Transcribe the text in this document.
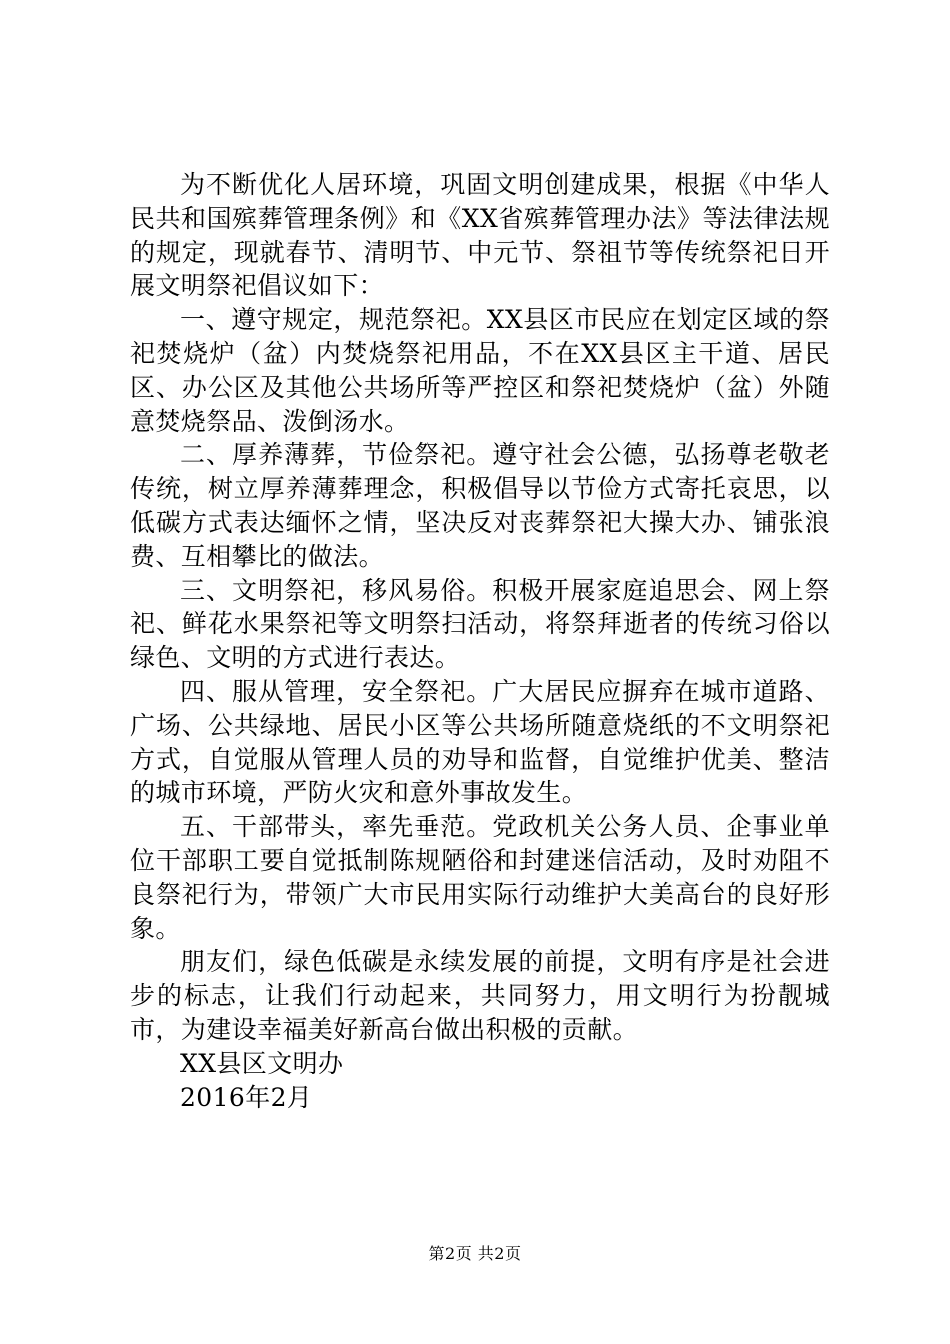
为不断优化人居环境，巩固文明创建成果，根据《中华人民共和国殡葬管理条例》和《XX省殡葬管理办法》等法律法规的规定，现就春节、清明节、中元节、祭祖节等传统祭祀日开展文明祭祀倡议如下：

一、遵守规定，规范祭祀。XX县区市民应在划定区域的祭祀焚烧炉（盆）内焚烧祭祀用品，不在XX县区主干道、居民区、办公区及其他公共场所等严控区和祭祀焚烧炉（盆）外随意焚烧祭品、泼倒汤水。

二、厚养薄葬，节俭祭祀。遵守社会公德，弘扬尊老敬老传统，树立厚养薄葬理念，积极倡导以节俭方式寄托哀思，以低碳方式表达缅怀之情，坚决反对丧葬祭祀大操大办、铺张浪费、互相攀比的做法。

三、文明祭祀，移风易俗。积极开展家庭追思会、网上祭祀、鲜花水果祭祀等文明祭扫活动，将祭拜逝者的传统习俗以绿色、文明的方式进行表达。

四、服从管理，安全祭祀。广大居民应摒弃在城市道路、广场、公共绿地、居民小区等公共场所随意烧纸的不文明祭祀方式，自觉服从管理人员的劝导和监督，自觉维护优美、整洁的城市环境，严防火灾和意外事故发生。

五、干部带头，率先垂范。党政机关公务人员、企事业单位干部职工要自觉抵制陈规陋俗和封建迷信活动，及时劝阻不良祭祀行为，带领广大市民用实际行动维护大美高台的良好形象。

朋友们，绿色低碳是永续发展的前提，文明有序是社会进步的标志，让我们行动起来，共同努力，用文明行为扮靓城市，为建设幸福美好新高台做出积极的贡献。

XX县区文明办

2016年2月

第2页 共2页
